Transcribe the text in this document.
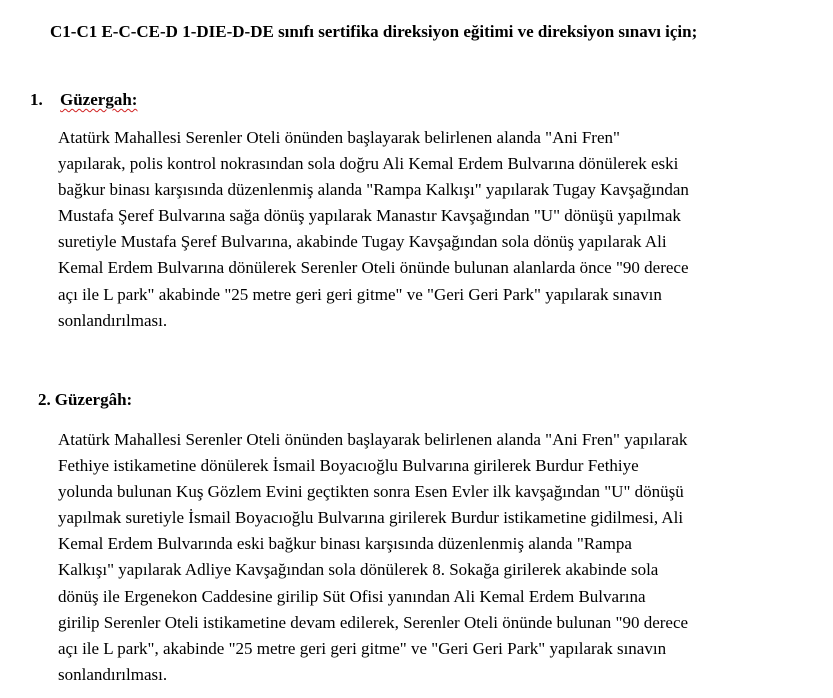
C1-C1 E-C-CE-D 1-DIE-D-DE sınıfı sertifika direksiyon eğitimi ve direksiyon sınavı için;

1. Güzergah:
Atatürk Mahallesi Serenler Oteli önünden başlayarak belirlenen alanda "Ani Fren"
yapılarak, polis kontrol nokrasından sola doğru Ali Kemal Erdem Bulvarına dönülerek eski
bağkur binası karşısında düzenlenmiş alanda "Rampa Kalkışı" yapılarak Tugay Kavşağından
Mustafa Şeref Bulvarına sağa dönüş yapılarak Manastır Kavşağından "U" dönüşü yapılmak
suretiyle Mustafa Şeref Bulvarına, akabinde Tugay Kavşağından sola dönüş yapılarak Ali
Kemal Erdem Bulvarına dönülerek Serenler Oteli önünde bulunan alanlarda önce "90 derece
açı ile L park" akabinde "25 metre geri geri gitme" ve "Geri Geri Park" yapılarak sınavın
sonlandırılması.
2. Güzergâh:
Atatürk Mahallesi Serenler Oteli önünden başlayarak belirlenen alanda "Ani Fren" yapılarak
Fethiye istikametine dönülerek İsmail Boyacıoğlu Bulvarına girilerek Burdur Fethiye
yolunda bulunan Kuş Gözlem Evini geçtikten sonra Esen Evler ilk kavşağından "U" dönüşü
yapılmak suretiyle İsmail Boyacıoğlu Bulvarına girilerek Burdur istikametine gidilmesi, Ali
Kemal Erdem Bulvarında eski bağkur binası karşısında düzenlenmiş alanda "Rampa
Kalkışı" yapılarak Adliye Kavşağından sola dönülerek 8. Sokağa girilerek akabinde sola
dönüş ile Ergenekon Caddesine girilip Süt Ofisi yanından Ali Kemal Erdem Bulvarına
girilip Serenler Oteli istikametine devam edilerek, Serenler Oteli önünde bulunan "90 derece
açı ile L park", akabinde "25 metre geri geri gitme" ve "Geri Geri Park" yapılarak sınavın
sonlandırılması.
